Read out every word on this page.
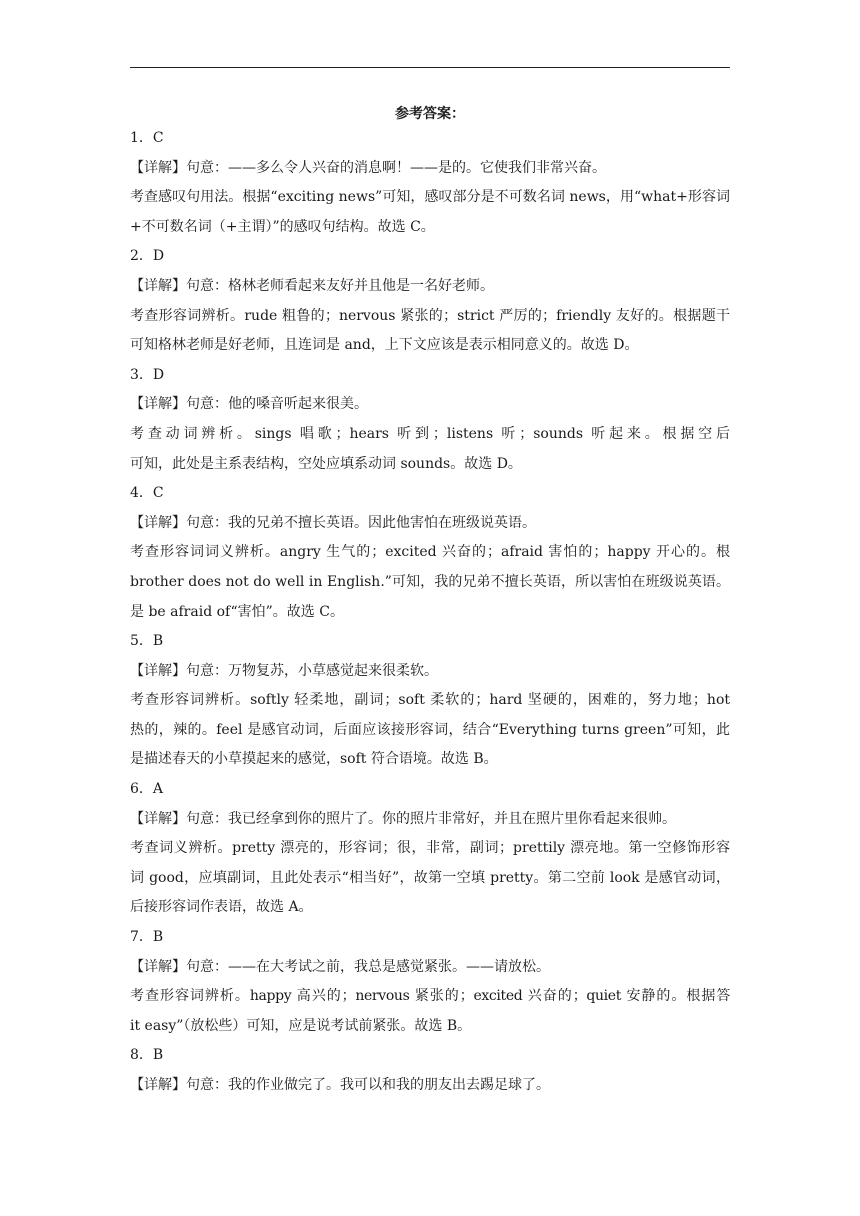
参考答案：
1．C
【详解】句意：——多么令人兴奋的消息啊！——是的。它使我们非常兴奋。
考查感叹句用法。根据“exciting news”可知，感叹部分是不可数名词 news，用“what+形容词
+不可数名词（+主谓）”的感叹句结构。故选 C。
2．D
【详解】句意：格林老师看起来友好并且他是一名好老师。
考查形容词辨析。rude 粗鲁的；nervous 紧张的；strict 严厉的；friendly 友好的。根据题干
可知格林老师是好老师，且连词是 and，上下文应该是表示相同意义的。故选 D。
3．D
【详解】句意：他的嗓音听起来很美。
考查动词辨析。sings 唱歌；hears 听到；listens 听；sounds 听起来。根据空后
可知，此处是主系表结构，空处应填系动词 sounds。故选 D。
4．C
【详解】句意：我的兄弟不擅长英语。因此他害怕在班级说英语。
考查形容词词义辨析。angry 生气的；excited 兴奋的；afraid 害怕的；happy 开心的。根
brother does not do well in English.”可知，我的兄弟不擅长英语，所以害怕在班级说英语。
是 be afraid of“害怕”。故选 C。
5．B
【详解】句意：万物复苏，小草感觉起来很柔软。
考查形容词辨析。softly 轻柔地，副词；soft 柔软的；hard 坚硬的，困难的，努力地；hot
热的，辣的。feel 是感官动词，后面应该接形容词，结合“Everything turns green”可知，此
是描述春天的小草摸起来的感觉，soft 符合语境。故选 B。
6．A
【详解】句意：我已经拿到你的照片了。你的照片非常好，并且在照片里你看起来很帅。
考查词义辨析。pretty 漂亮的，形容词；很，非常，副词；prettily 漂亮地。第一空修饰形容
词 good，应填副词，且此处表示“相当好”，故第一空填 pretty。第二空前 look 是感官动词，
后接形容词作表语，故选 A。
7．B
【详解】句意：——在大考试之前，我总是感觉紧张。——请放松。
考查形容词辨析。happy 高兴的；nervous 紧张的；excited 兴奋的；quiet 安静的。根据答
it easy”（放松些）可知，应是说考试前紧张。故选 B。
8．B
【详解】句意：我的作业做完了。我可以和我的朋友出去踢足球了。
